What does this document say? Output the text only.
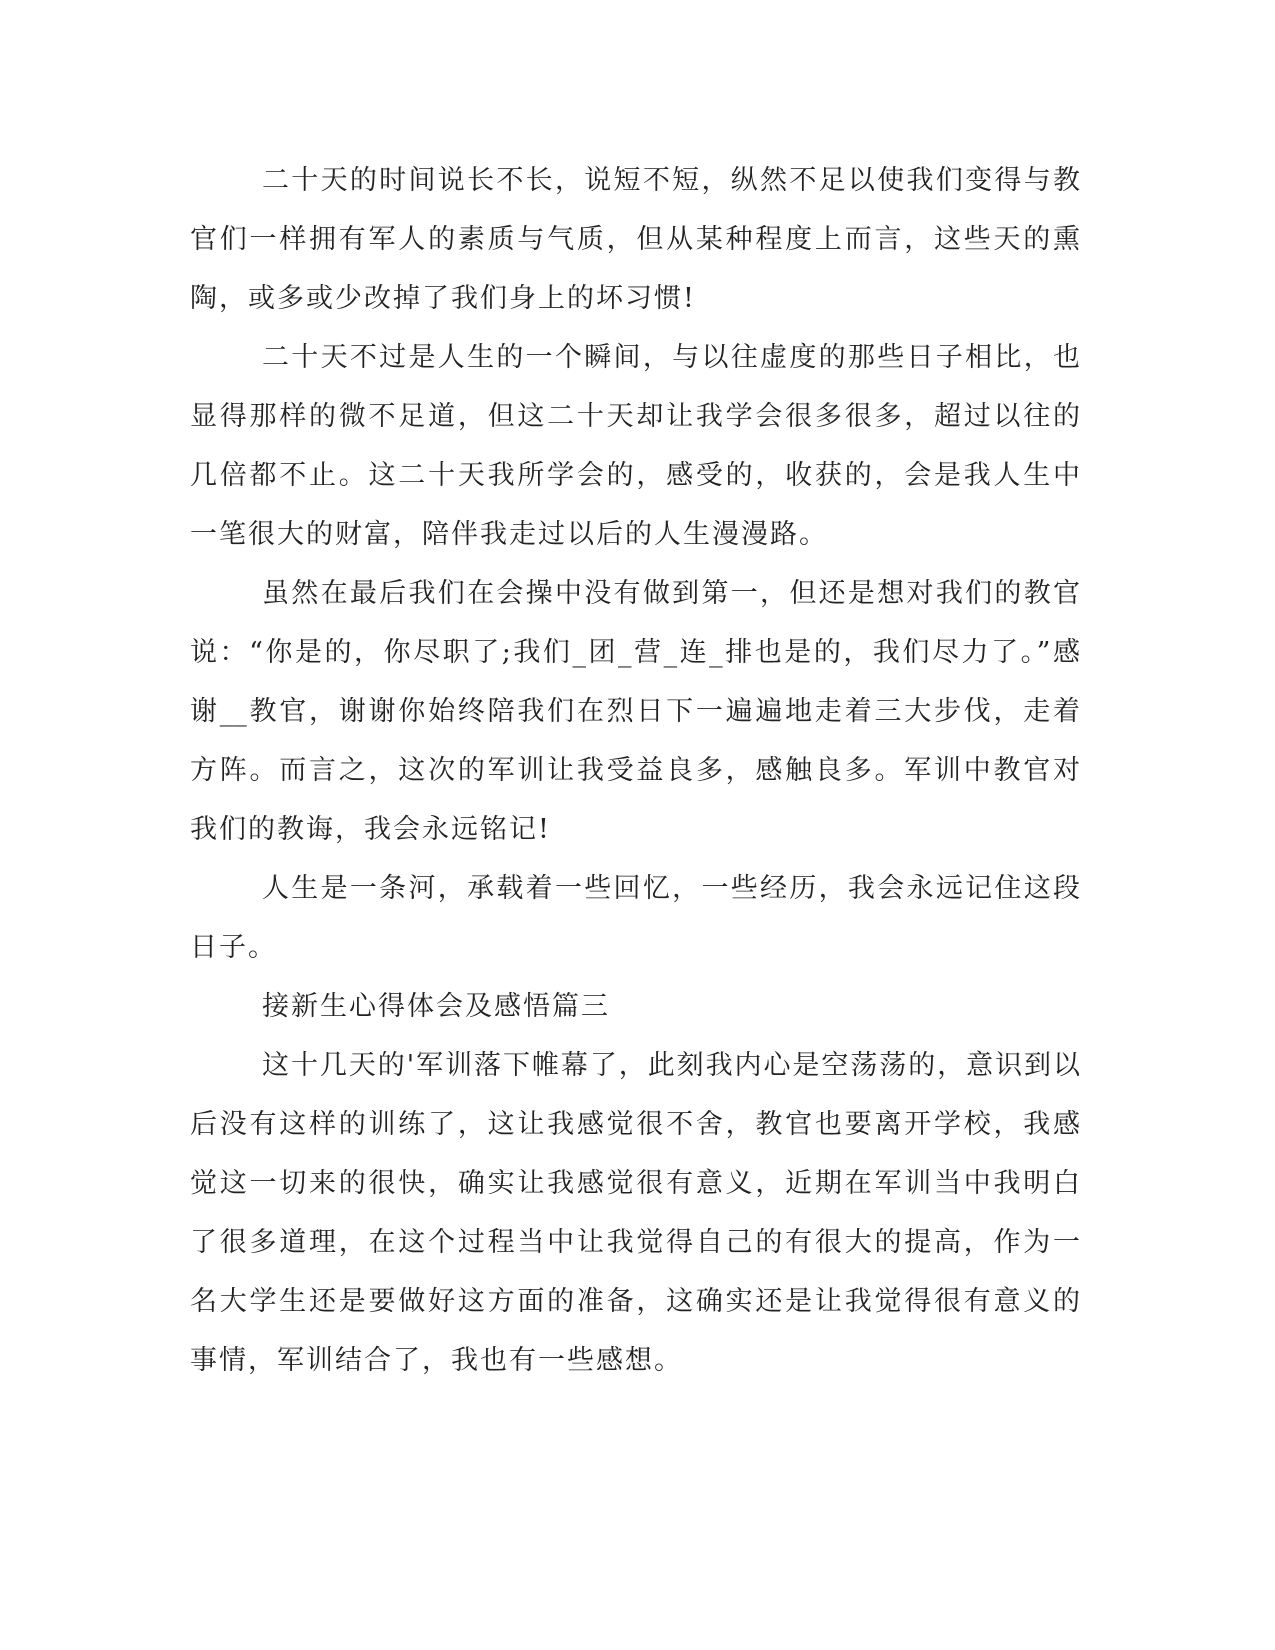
二十天的时间说长不长，说短不短，纵然不足以使我们变得与教
官们一样拥有军人的素质与气质，但从某种程度上而言，这些天的熏
陶，或多或少改掉了我们身上的坏习惯!
二十天不过是人生的一个瞬间，与以往虚度的那些日子相比，也
显得那样的微不足道，但这二十天却让我学会很多很多，超过以往的
几倍都不止。这二十天我所学会的，感受的，收获的，会是我人生中
一笔很大的财富，陪伴我走过以后的人生漫漫路。
虽然在最后我们在会操中没有做到第一，但还是想对我们的教官
说：“你是的，你尽职了;我们_团_营_连_排也是的，我们尽力了。”感
谢__教官，谢谢你始终陪我们在烈日下一遍遍地走着三大步伐，走着
方阵。而言之，这次的军训让我受益良多，感触良多。军训中教官对
我们的教诲，我会永远铭记!
人生是一条河，承载着一些回忆，一些经历，我会永远记住这段
日子。
接新生心得体会及感悟篇三
这十几天的'军训落下帷幕了，此刻我内心是空荡荡的，意识到以
后没有这样的训练了，这让我感觉很不舍，教官也要离开学校，我感
觉这一切来的很快，确实让我感觉很有意义，近期在军训当中我明白
了很多道理，在这个过程当中让我觉得自己的有很大的提高，作为一
名大学生还是要做好这方面的准备，这确实还是让我觉得很有意义的
事情，军训结合了，我也有一些感想。
